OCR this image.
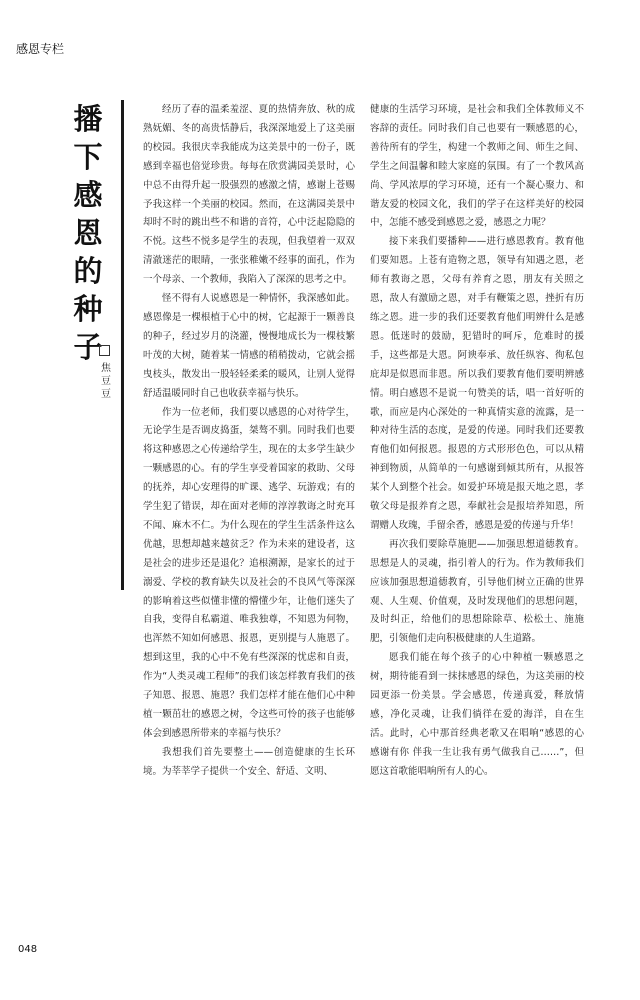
感恩专栏
播
下
感
恩
的
种
子
焦
豆
豆

经历了春的温柔羞涩、夏的热情奔放、秋的成熟妩媚、冬的高贵恬静后，我深深地爱上了这美丽的校园。我很庆幸我能成为这美景中的一份子，既感到幸福也倍觉珍贵。每每在欣赏满园美景时，心中总不由得升起一股强烈的感激之情，感谢上苍赐予我这样一个美丽的校园。然而，在这满园美景中却时不时的跳出些不和谐的音符，心中泛起隐隐的不悦。这些不悦多是学生的表现，但我望着一双双清澈迷茫的眼睛，一张张稚嫩不经事的面孔，作为一个母亲、一个教师，我陷入了深深的思考之中。

怪不得有人说感恩是一种情怀，我深感如此。感恩像是一棵根植于心中的树，它起源于一颗善良的种子，经过岁月的浇灌，慢慢地成长为一棵枝繁叶茂的大树，随着某一情感的稍稍拨动，它就会摇曳枝头，散发出一股轻轻柔柔的暖风，让别人觉得舒适温暖同时自己也收获幸福与快乐。

作为一位老师，我们要以感恩的心对待学生，无论学生是否调皮捣蛋，桀骜不驯。同时我们也要将这种感恩之心传递给学生，现在的太多学生缺少一颗感恩的心。有的学生享受着国家的救助、父母的抚养，却心安理得的旷课、逃学、玩游戏；有的学生犯了错误，却在面对老师的淳淳教诲之时充耳不闻、麻木不仁。为什么现在的学生生活条件这么优越，思想却越来越贫乏？作为未来的建设者，这是社会的进步还是退化？追根溯源，是家长的过于溺爱、学校的教育缺失以及社会的不良风气等深深的影响着这些似懂非懂的懵懂少年，让他们迷失了自我，变得自私霸道、唯我独尊，不知恩为何物，也浑然不知如何感恩、报恩，更别提与人施恩了。想到这里，我的心中不免有些深深的忧虑和自责，作为“人类灵魂工程师”的我们该怎样教育我们的孩子知恩、报恩、施恩？我们怎样才能在他们心中种植一颗茁壮的感恩之树，令这些可怜的孩子也能够体会到感恩所带来的幸福与快乐？

我想我们首先要整土——创造健康的生长环境。为莘莘学子提供一个安全、舒适、文明、

健康的生活学习环境，是社会和我们全体教师义不容辞的责任。同时我们自己也要有一颗感恩的心，善待所有的学生，构建一个教师之间、师生之间、学生之间温馨和睦大家庭的氛围。有了一个教风高尚、学风浓厚的学习环境，还有一个凝心聚力、和谐友爱的校园文化，我们的学子在这样美好的校园中，怎能不感受到感恩之爱，感恩之力呢？

接下来我们要播种——进行感恩教育。教育他们要知恩。上苍有造物之恩，领导有知遇之恩，老师有教诲之恩，父母有养育之恩，朋友有关照之恩，敌人有激励之恩，对手有鞭策之恩，挫折有历练之恩。进一步的我们还要教育他们明辨什么是感恩。低迷时的鼓励，犯错时的呵斥，危难时的援手，这些都是大恩。阿谀奉承、放任纵容、徇私包庇却是似恩而非恩。所以我们要教育他们要明辨感情。明白感恩不是说一句赞美的话，唱一首好听的歌，而应是内心深处的一种真情实意的流露，是一种对待生活的态度，是爱的传递。同时我们还要教育他们如何报恩。报恩的方式形形色色，可以从精神到物质，从简单的一句感谢到倾其所有，从报答某个人到整个社会。如爱护环境是报天地之恩，孝敬父母是报养育之恩，奉献社会是报培养知恩，所谓赠人玫瑰，手留余香，感恩是爱的传递与升华！

再次我们要除草施肥——加强思想道德教育。思想是人的灵魂，指引着人的行为。作为教师我们应该加强思想道德教育，引导他们树立正确的世界观、人生观、价值观，及时发现他们的思想问题，及时纠正，给他们的思想除除草、松松土、施施肥，引领他们走向积极健康的人生道路。

愿我们能在每个孩子的心中种植一颗感恩之树，期待能看到一抹抹感恩的绿色，为这美丽的校园更添一份美景。学会感恩，传递真爱，释放情感，净化灵魂，让我们徜徉在爱的海洋，自在生活。此时，心中那首经典老歌又在唱响“感恩的心 感谢有你 伴我一生让我有勇气做我自己……”，但愿这首歌能唱响所有人的心。

048
